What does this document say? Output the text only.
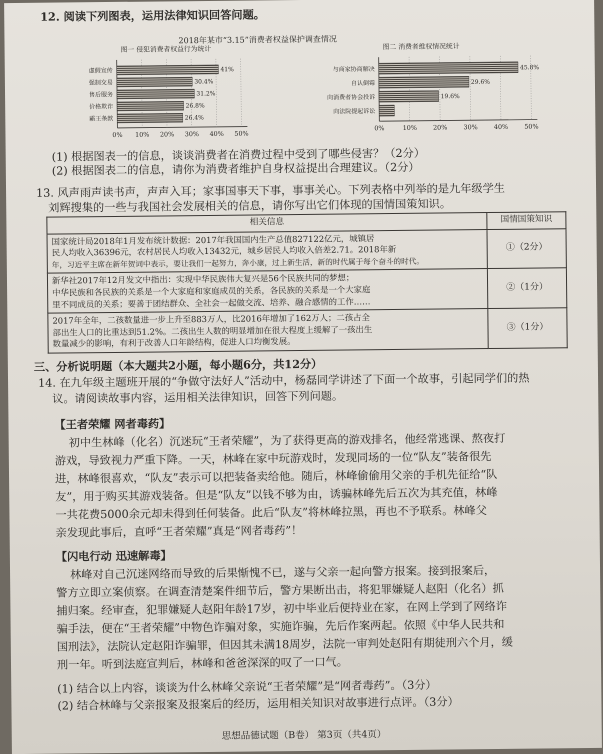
12. 阅读下列图表，运用法律知识回答问题。
2018年某市“3.15”消费者权益保护调查情况
图一 侵犯消费者权益行为统计
0% 10% 20% 30% 40% 50%
虚假宣传	41%
强制交易	30.4%
售后服务	31.2%
价格欺诈	26.8%
霸王条款	26.4%
图二 消费者维权情况统计
0%	10%	20%	30%	40%	50%
与商家协商解决	45.8%
自认倒霉	29.6%
向消费者协会投诉	19.6%
向法院提起诉讼
(1) 根据图表一的信息，谈谈消费者在消费过程中受到了哪些侵害？（2分）
(2) 根据图表二的信息，请你为消费者维护自身权益提出合理建议。（2分）
13. 风声雨声读书声，声声入耳；家事国事天下事，事事关心。下列表格中列举的是九年级学生
刘辉搜集的一些与我国社会发展相关的信息，请你写出它们体现的国情国策知识。
相关信息	国情国策知识

国家统计局2018年1月发布统计数据：2017年我国国内生产总值827122亿元，城镇居
民人均收入36396元，农村居民人均收入13432元，城乡居民人均收入倍差2.71。2018年新
年，习近平主席在新年贺词中表示，要让我们一起努力，奔小康，过上新生活，新的时代属于每个奋斗的时代。	①（2分）

新华社2017年12月发文中指出：实现中华民族伟大复兴是56个民族共同的梦想；
中华民族和各民族的关系是一个大家庭和家庭成员的关系，各民族的关系是一个大家庭
里不同成员的关系；要善于团结群众、全社会一起做交流、培养、融合感情的工作……	②（1分）

2017年全年，二孩数量进一步上升至883万人，比2016年增加了162万人；二孩占全
部出生人口的比重达到51.2%。二孩出生人数的明显增加在很大程度上缓解了一孩出生
数量减少的影响，有利于改善人口年龄结构，促进人口均衡发展。	③（1分）
三、分析说明题（本大题共2小题，每小题6分，共12分）
14. 在九年级主题班开展的“争做守法好人”活动中，杨磊同学讲述了下面一个故事，引起同学们的热
议。请阅读故事内容，运用相关法律知识，回答下列问题。
【王者荣耀 网者毒药】
初中生林峰（化名）沉迷玩“王者荣耀”，为了获得更高的游戏排名，他经常逃课、熬夜打
游戏，导致视力严重下降。一天，林峰在家中玩游戏时，发现同场的一位“队友”装备很先
进，林峰很喜欢，“队友”表示可以把装备卖给他。随后，林峰偷偷用父亲的手机先征给“队
友”，用于购买其游戏装备。但是“队友”以钱不够为由，诱骗林峰先后五次为其充值，林峰
一共花费5000余元却未得到任何装备。此后“队友”将林峰拉黑，再也不予联系。林峰父
亲发现此事后，直呼“王者荣耀”真是“网者毒药”！
【闪电行动 迅速解毒】
林峰对自己沉迷网络而导致的后果惭愧不已，遂与父亲一起向警方报案。接到报案后，
警方立即立案侦察。在调查清楚案件细节后，警方果断出击，将犯罪嫌疑人赵阳（化名）抓
捕归案。经审查，犯罪嫌疑人赵阳年龄17岁，初中毕业后便持业在家，在网上学到了网络诈
骗手法，便在“王者荣耀”中物色诈骗对象，实施诈骗，先后作案两起。依照《中华人民共和
国刑法》，法院认定赵阳诈骗罪，但因其未满18周岁，法院一审判处赵阳有期徒刑六个月，缓
刑一年。听到法庭宣判后，林峰和爸爸深深的叹了一口气。
(1) 结合以上内容，谈谈为什么林峰父亲说“王者荣耀”是“网者毒药”。（3分）
(2) 结合林峰与父亲报案及报案后的经历，运用相关知识对故事进行点评。（3分）
思想品德试题（B卷） 第3页（共4页）
